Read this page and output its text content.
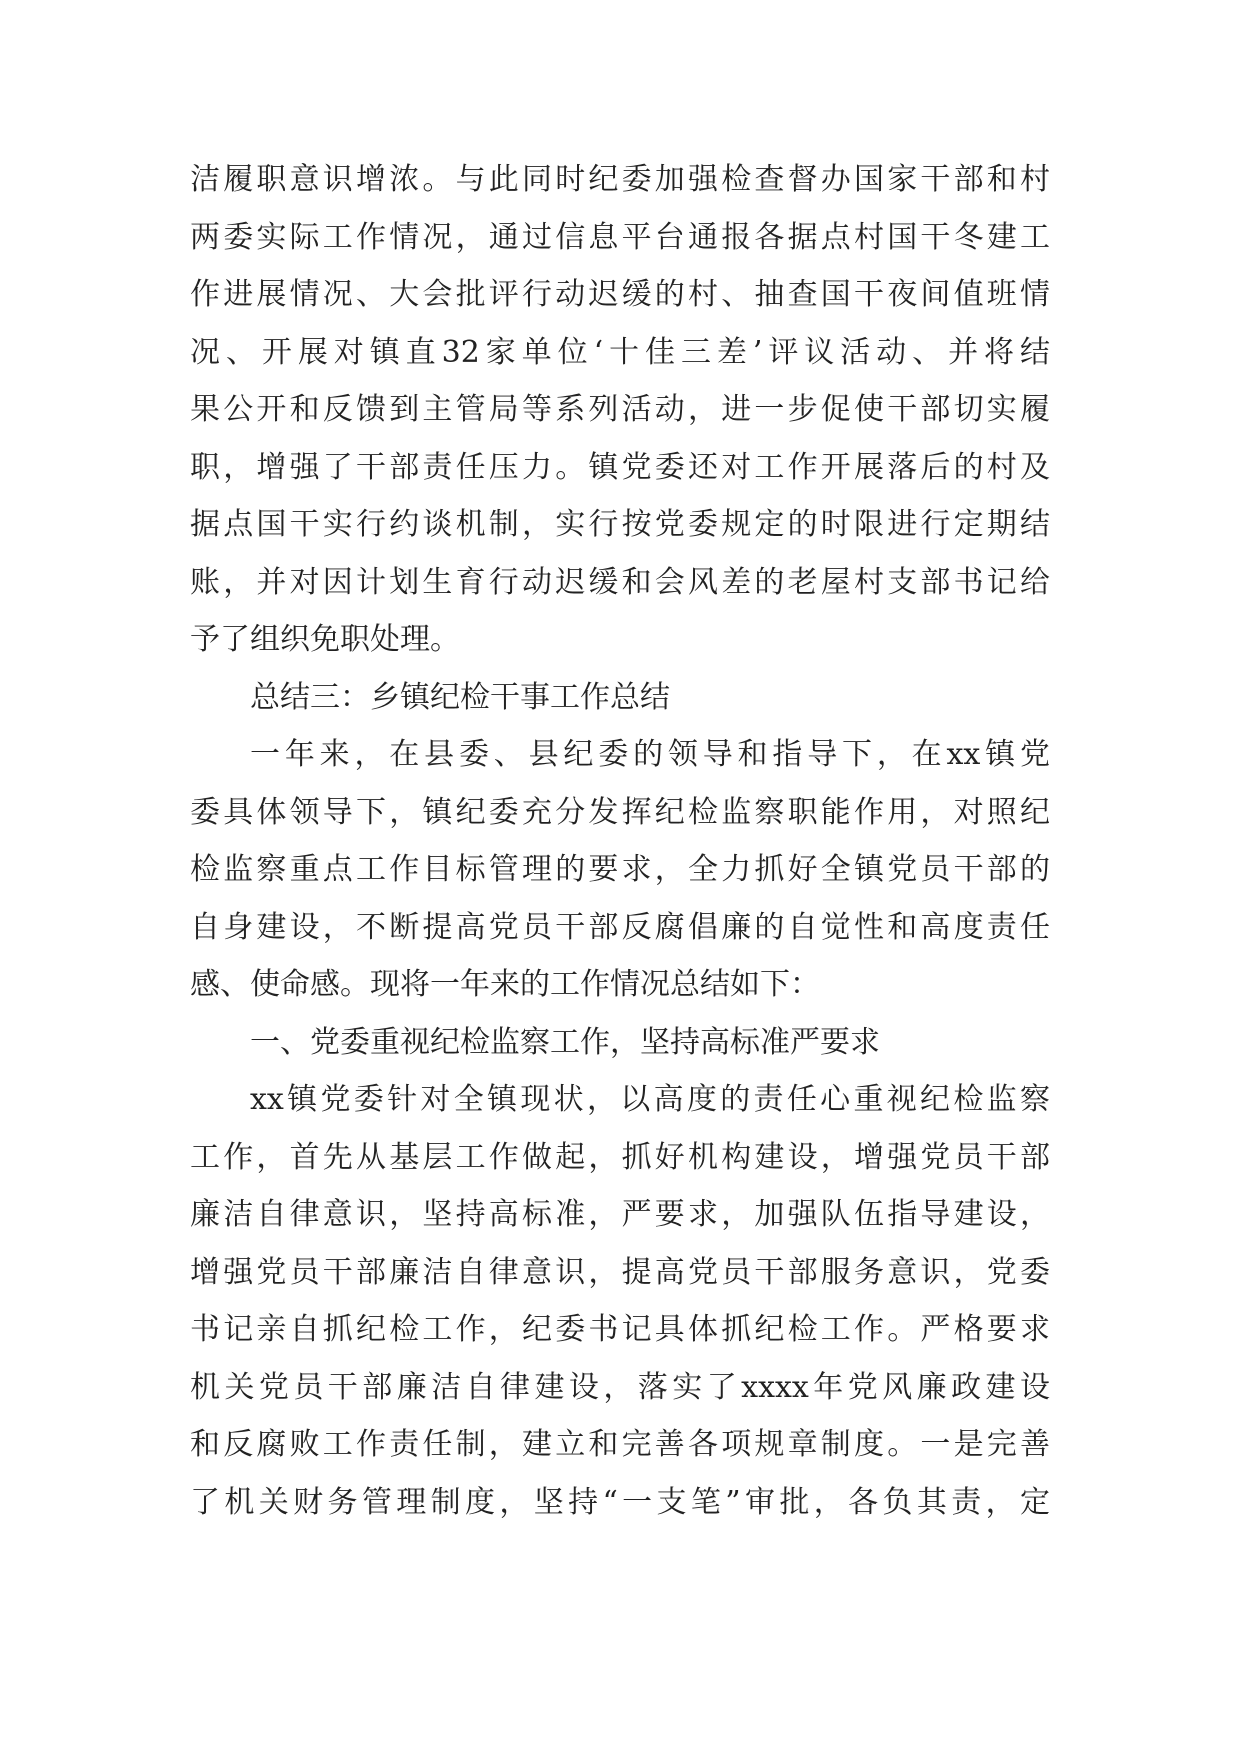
洁履职意识增浓。与此同时纪委加强检查督办国家干部和村
两委实际工作情况，通过信息平台通报各据点村国干冬建工
作进展情况、大会批评行动迟缓的村、抽查国干夜间值班情
况、开展对镇直32家单位‘十佳三差’评议活动、并将结
果公开和反馈到主管局等系列活动，进一步促使干部切实履
职，增强了干部责任压力。镇党委还对工作开展落后的村及
据点国干实行约谈机制，实行按党委规定的时限进行定期结
账，并对因计划生育行动迟缓和会风差的老屋村支部书记给
予了组织免职处理。
总结三：乡镇纪检干事工作总结
一年来，在县委、县纪委的领导和指导下，在xx镇党
委具体领导下，镇纪委充分发挥纪检监察职能作用，对照纪
检监察重点工作目标管理的要求，全力抓好全镇党员干部的
自身建设，不断提高党员干部反腐倡廉的自觉性和高度责任
感、使命感。现将一年来的工作情况总结如下：
一、党委重视纪检监察工作，坚持高标准严要求
xx镇党委针对全镇现状，以高度的责任心重视纪检监察
工作，首先从基层工作做起，抓好机构建设，增强党员干部
廉洁自律意识，坚持高标准，严要求，加强队伍指导建设，
增强党员干部廉洁自律意识，提高党员干部服务意识，党委
书记亲自抓纪检工作，纪委书记具体抓纪检工作。严格要求
机关党员干部廉洁自律建设，落实了xxxx年党风廉政建设
和反腐败工作责任制，建立和完善各项规章制度。一是完善
了机关财务管理制度，坚持“一支笔”审批，各负其责，定
